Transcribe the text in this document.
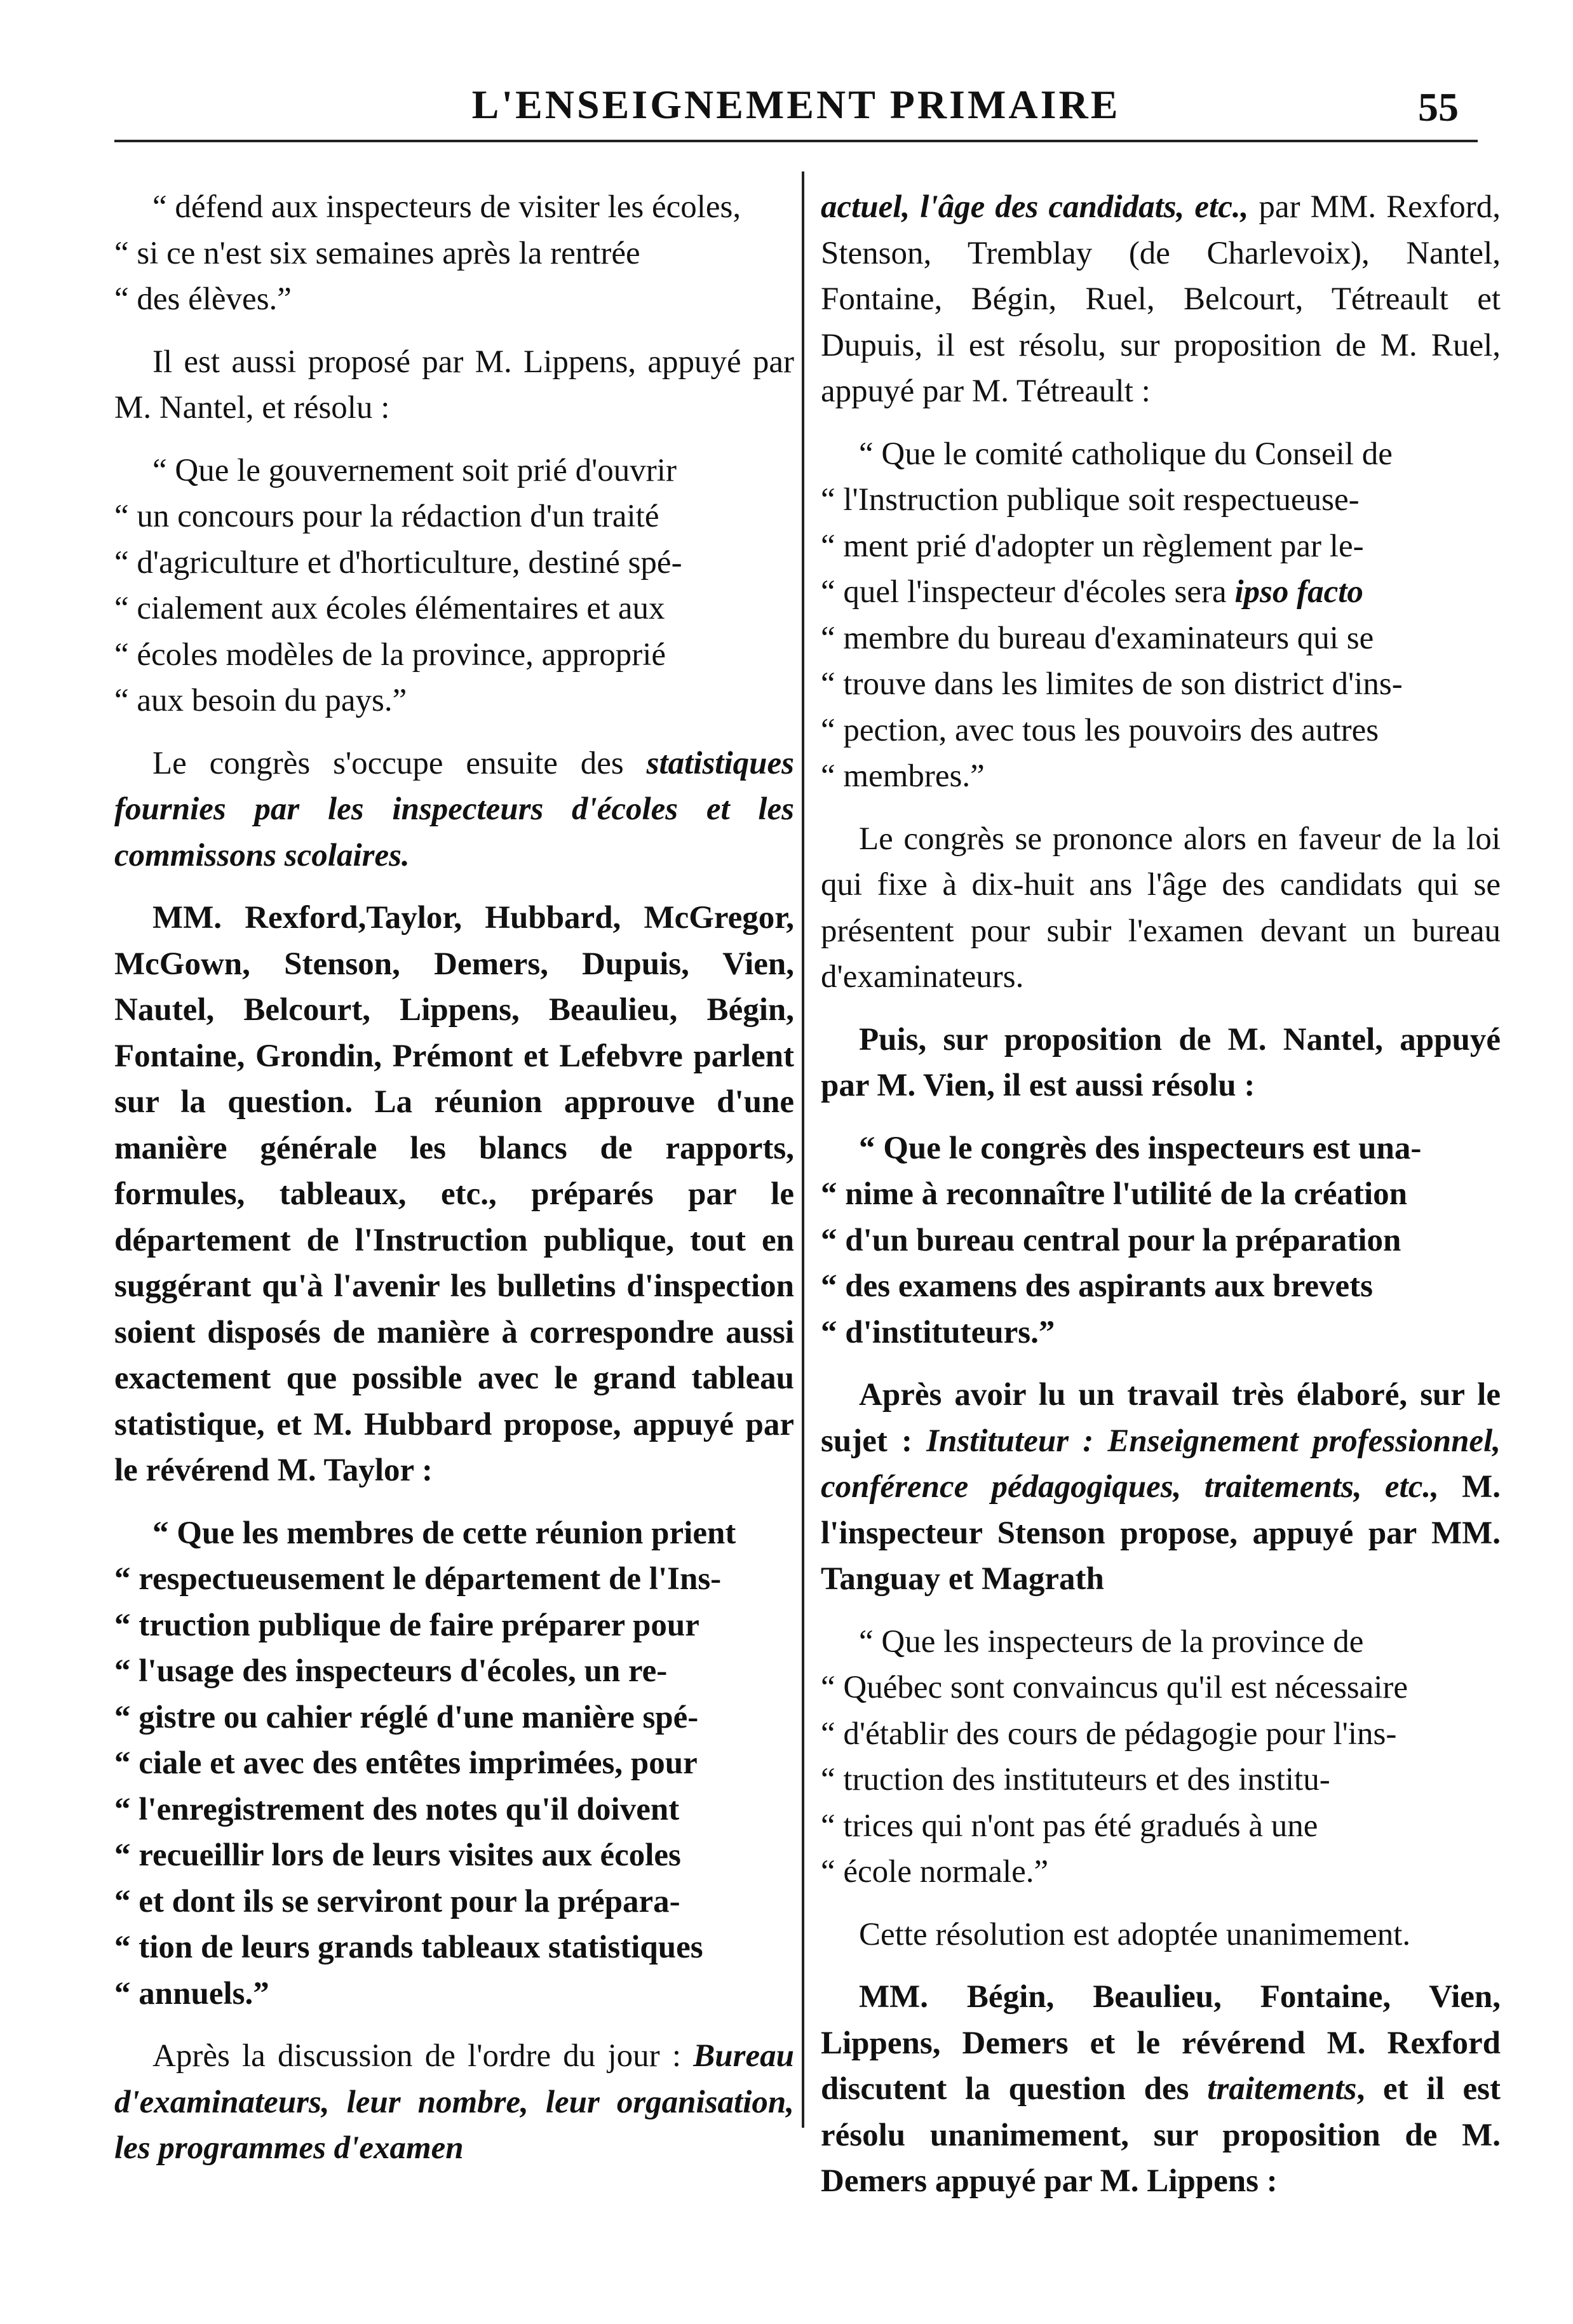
L'ENSEIGNEMENT PRIMAIRE	55

“ défend aux inspecteurs de visiter les écoles,
“ si ce n'est six semaines après la rentrée
“ des élèves.”

Il est aussi proposé par M. Lippens, appuyé par M. Nantel, et résolu :

“ Que le gouvernement soit prié d'ouvrir
“ un concours pour la rédaction d'un traité
“ d'agriculture et d'horticulture, destiné spé-
“ cialement aux écoles élémentaires et aux
“ écoles modèles de la province, approprié
“ aux besoin du pays.”

Le congrès s'occupe ensuite des statistiques fournies par les inspecteurs d'écoles et les commissons scolaires.

MM. Rexford,Taylor, Hubbard, McGregor, McGown, Stenson, Demers, Dupuis, Vien, Nautel, Belcourt, Lippens, Beaulieu, Bégin, Fontaine, Grondin, Prémont et Lefebvre parlent sur la question. La réunion approuve d'une manière générale les blancs de rapports, formules, tableaux, etc., préparés par le département de l'Instruction publique, tout en suggérant qu'à l'avenir les bulletins d'inspection soient disposés de manière à correspondre aussi exactement que possible avec le grand tableau statistique, et M. Hubbard propose, appuyé par le révérend M. Taylor :

“ Que les membres de cette réunion prient
“ respectueusement le département de l'Ins-
“ truction publique de faire préparer pour
“ l'usage des inspecteurs d'écoles, un re-
“ gistre ou cahier réglé d'une manière spé-
“ ciale et avec des entêtes imprimées, pour
“ l'enregistrement des notes qu'il doivent
“ recueillir lors de leurs visites aux écoles
“ et dont ils se serviront pour la prépara-
“ tion de leurs grands tableaux statistiques
“ annuels.”

Après la discussion de l'ordre du jour : Bureau d'examinateurs, leur nombre, leur organisation, les programmes d'examen

actuel, l'âge des candidats, etc., par MM. Rexford, Stenson, Tremblay (de Charlevoix), Nantel, Fontaine, Bégin, Ruel, Belcourt, Tétreault et Dupuis, il est résolu, sur proposition de M. Ruel, appuyé par M. Tétreault :

“ Que le comité catholique du Conseil de
“ l'Instruction publique soit respectueuse-
“ ment prié d'adopter un règlement par le-
“ quel l'inspecteur d'écoles sera ipso facto
“ membre du bureau d'examinateurs qui se
“ trouve dans les limites de son district d'ins-
“ pection, avec tous les pouvoirs des autres
“ membres.”

Le congrès se prononce alors en faveur de la loi qui fixe à dix-huit ans l'âge des candidats qui se présentent pour subir l'examen devant un bureau d'examinateurs.

Puis, sur proposition de M. Nantel, appuyé par M. Vien, il est aussi résolu :

“ Que le congrès des inspecteurs est una-
“ nime à reconnaître l'utilité de la création
“ d'un bureau central pour la préparation
“ des examens des aspirants aux brevets
“ d'instituteurs.”

Après avoir lu un travail très élaboré, sur le sujet : Instituteur : Enseignement professionnel, conférence pédagogiques, traitements, etc., M. l'inspecteur Stenson propose, appuyé par MM. Tanguay et Magrath

“ Que les inspecteurs de la province de
“ Québec sont convaincus qu'il est nécessaire
“ d'établir des cours de pédagogie pour l'ins-
“ truction des instituteurs et des institu-
“ trices qui n'ont pas été gradués à une
“ école normale.”

Cette résolution est adoptée unanimement.

MM. Bégin, Beaulieu, Fontaine, Vien, Lippens, Demers et le révérend M. Rexford discutent la question des traitements, et il est résolu unanimement, sur proposition de M. Demers appuyé par M. Lippens :
